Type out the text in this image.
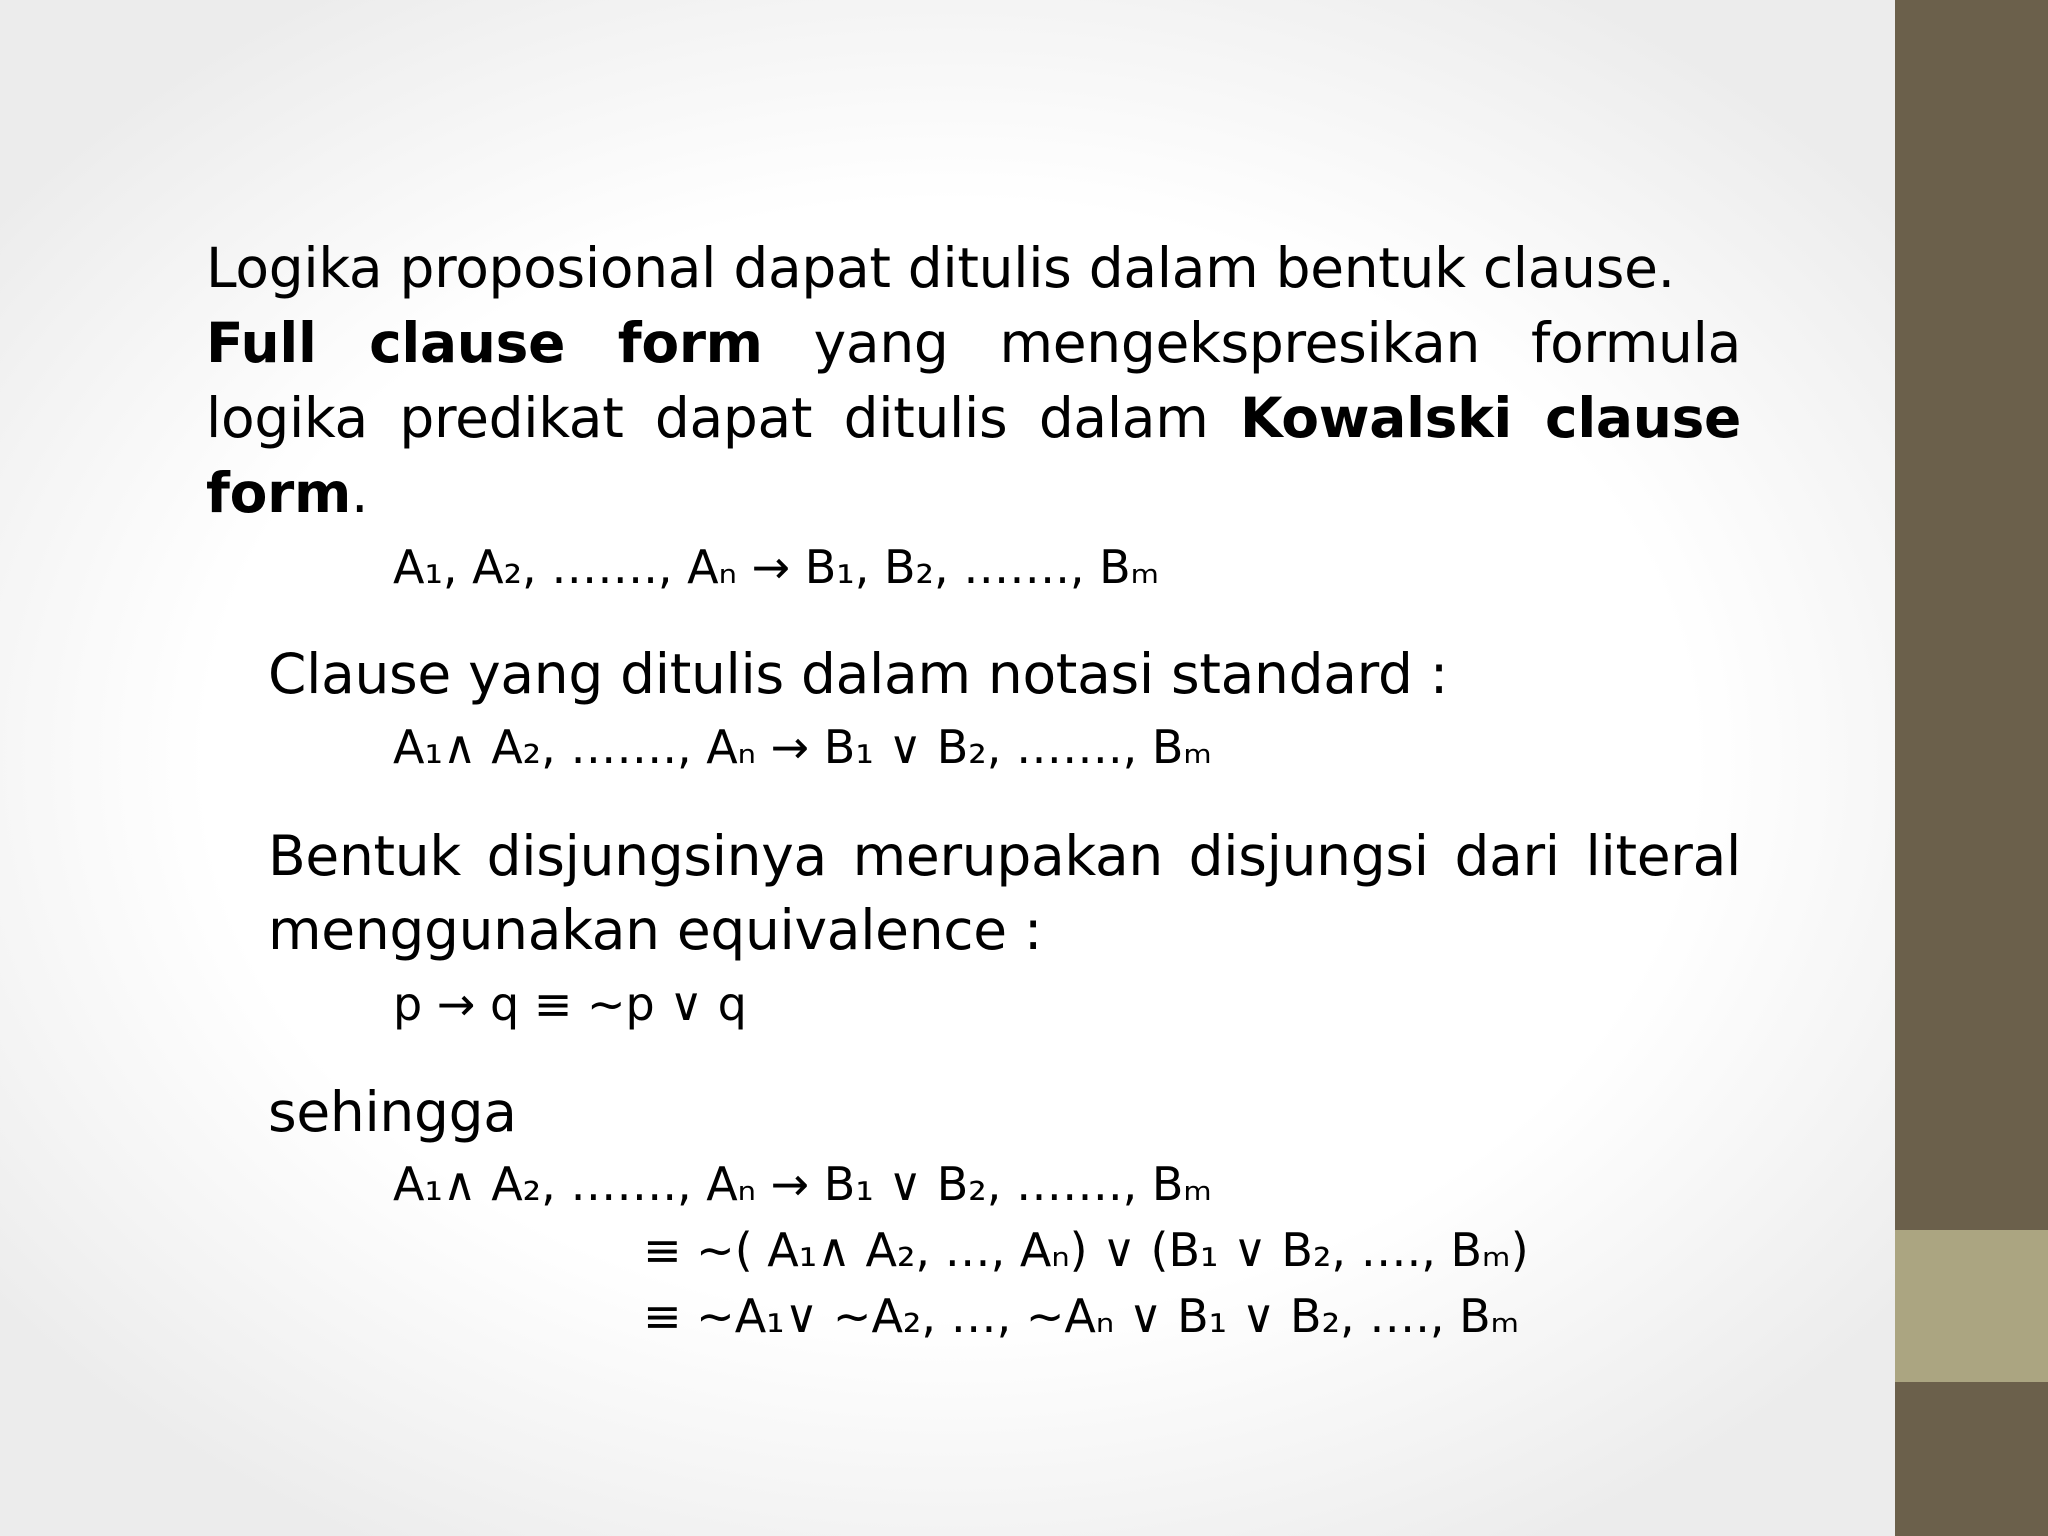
Logika proposional dapat ditulis dalam bentuk clause.
Full clause form yang mengekspresikan formula
logika predikat dapat ditulis dalam Kowalski clause
form.
A₁, A₂, ……., Aₙ → B₁, B₂, ……., Bₘ
Clause yang ditulis dalam notasi standard :
A₁∧ A₂, ……., Aₙ → B₁ ∨ B₂, ……., Bₘ
Bentuk disjungsinya merupakan disjungsi dari literal
menggunakan equivalence :
p → q ≡ ~p ∨ q
sehingga
A₁∧ A₂, ……., Aₙ → B₁ ∨ B₂, ……., Bₘ
≡ ~( A₁∧ A₂, …, Aₙ) ∨ (B₁ ∨ B₂, …., Bₘ)
≡ ~A₁∨ ~A₂, …, ~Aₙ ∨ B₁ ∨ B₂, …., Bₘ
